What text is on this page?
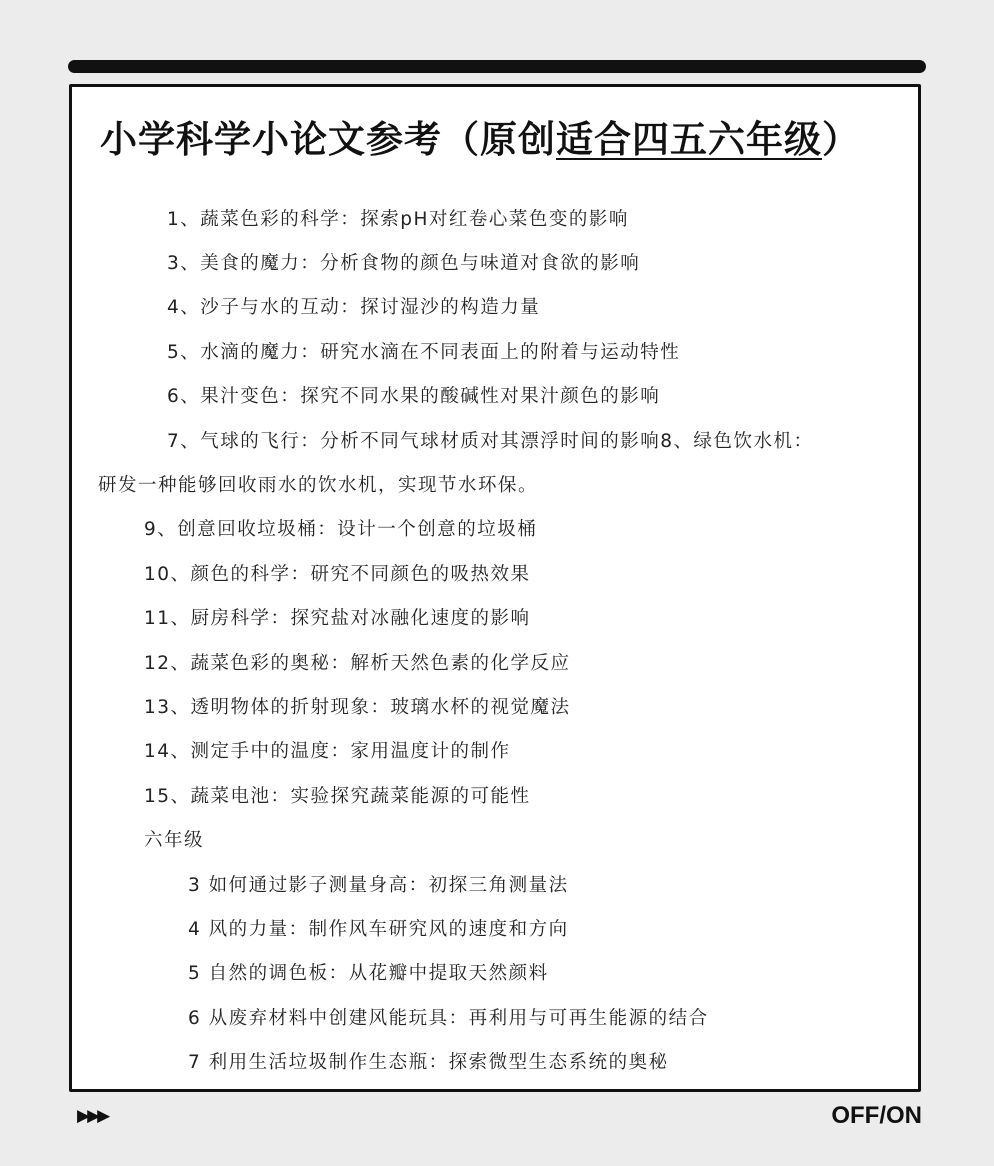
小学科学小论文参考（原创适合四五六年级）
1、蔬菜色彩的科学：探索pH对红卷心菜色变的影响
3、美食的魔力：分析食物的颜色与味道对食欲的影响
4、沙子与水的互动：探讨湿沙的构造力量
5、水滴的魔力：研究水滴在不同表面上的附着与运动特性
6、果汁变色：探究不同水果的酸碱性对果汁颜色的影响
7、气球的飞行：分析不同气球材质对其漂浮时间的影响8、绿色饮水机：
研发一种能够回收雨水的饮水机，实现节水环保。
9、创意回收垃圾桶：设计一个创意的垃圾桶
10、颜色的科学：研究不同颜色的吸热效果
11、厨房科学：探究盐对冰融化速度的影响
12、蔬菜色彩的奥秘：解析天然色素的化学反应
13、透明物体的折射现象：玻璃水杯的视觉魔法
14、测定手中的温度：家用温度计的制作
15、蔬菜电池：实验探究蔬菜能源的可能性
六年级
3 如何通过影子测量身高：初探三角测量法
4 风的力量：制作风车研究风的速度和方向
5 自然的调色板：从花瓣中提取天然颜料
6 从废弃材料中创建风能玩具：再利用与可再生能源的结合
7 利用生活垃圾制作生态瓶：探索微型生态系统的奥秘
▶▶▶	OFF/ON
